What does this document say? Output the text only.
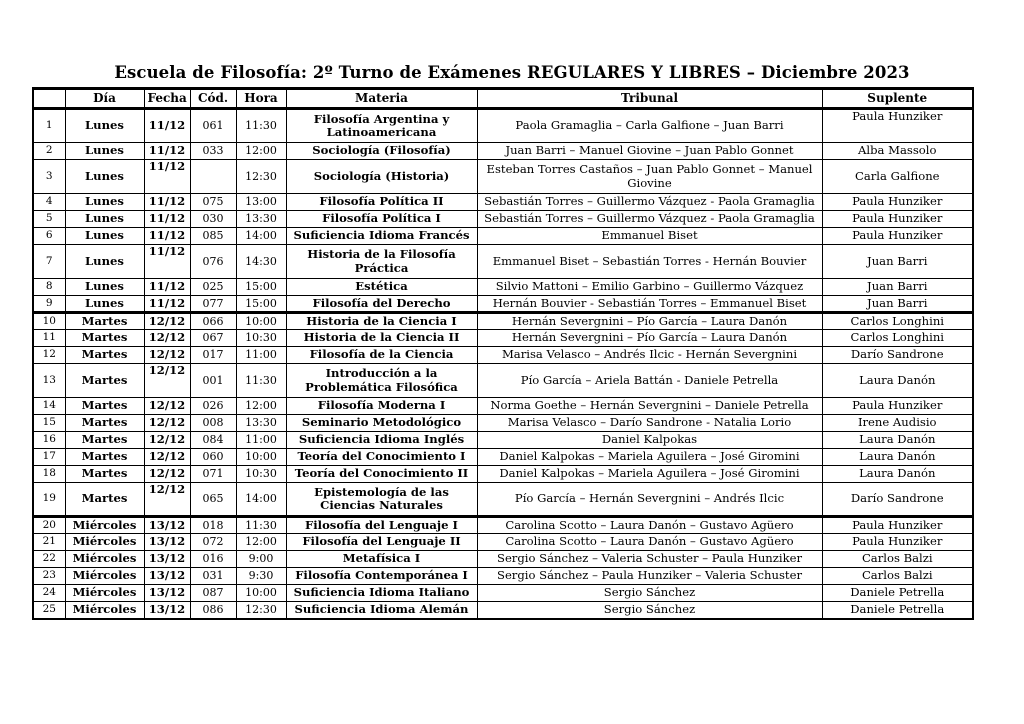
Escuela de Filosofía: 2º Turno de Exámenes REGULARES Y LIBRES – Diciembre 2023
	Día	Fecha	Cód.	Hora	Materia	Tribunal	Suplente
1	Lunes	11/12	061	11:30	Filosofía Argentina y Latinoamericana	Paola Gramaglia – Carla Galfione – Juan Barri	Paula Hunziker
2	Lunes	11/12	033	12:00	Sociología (Filosofía)	Juan Barri – Manuel Giovine – Juan Pablo Gonnet	Alba Massolo
3	Lunes	11/12		12:30	Sociología (Historia)	Esteban Torres Castaños – Juan Pablo Gonnet – Manuel Giovine	Carla Galfione
4	Lunes	11/12	075	13:00	Filosofía Política II	Sebastián Torres – Guillermo Vázquez - Paola Gramaglia	Paula Hunziker
5	Lunes	11/12	030	13:30	Filosofía Política I	Sebastián Torres – Guillermo Vázquez - Paola Gramaglia	Paula Hunziker
6	Lunes	11/12	085	14:00	Suficiencia Idioma Francés	Emmanuel Biset	Paula Hunziker
7	Lunes	11/12	076	14:30	Historia de la Filosofía Práctica	Emmanuel Biset – Sebastián Torres - Hernán Bouvier	Juan Barri
8	Lunes	11/12	025	15:00	Estética	Silvio Mattoni – Emilio Garbino – Guillermo Vázquez	Juan Barri
9	Lunes	11/12	077	15:00	Filosofía del Derecho	Hernán Bouvier - Sebastián Torres – Emmanuel Biset	Juan Barri
10	Martes	12/12	066	10:00	Historia de la Ciencia I	Hernán Severgnini – Pío García – Laura Danón	Carlos Longhini
11	Martes	12/12	067	10:30	Historia de la Ciencia II	Hernán Severgnini – Pío García – Laura Danón	Carlos Longhini
12	Martes	12/12	017	11:00	Filosofía de la Ciencia	Marisa Velasco – Andrés Ilcic - Hernán Severgnini	Darío Sandrone
13	Martes	12/12	001	11:30	Introducción a la Problemática Filosófica	Pío García – Ariela Battán - Daniele Petrella	Laura Danón
14	Martes	12/12	026	12:00	Filosofía Moderna I	Norma Goethe – Hernán Severgnini – Daniele Petrella	Paula Hunziker
15	Martes	12/12	008	13:30	Seminario Metodológico	Marisa Velasco – Darío Sandrone - Natalia Lorio	Irene Audisio
16	Martes	12/12	084	11:00	Suficiencia Idioma Inglés	Daniel Kalpokas	Laura Danón
17	Martes	12/12	060	10:00	Teoría del Conocimiento I	Daniel Kalpokas – Mariela Aguilera – José Giromini	Laura Danón
18	Martes	12/12	071	10:30	Teoría del Conocimiento II	Daniel Kalpokas – Mariela Aguilera – José Giromini	Laura Danón
19	Martes	12/12	065	14:00	Epistemología de las Ciencias Naturales	Pío García – Hernán Severgnini – Andrés Ilcic	Darío Sandrone
20	Miércoles	13/12	018	11:30	Filosofía del Lenguaje I	Carolina Scotto – Laura Danón – Gustavo Agüero	Paula Hunziker
21	Miércoles	13/12	072	12:00	Filosofía del Lenguaje II	Carolina Scotto – Laura Danón – Gustavo Agüero	Paula Hunziker
22	Miércoles	13/12	016	9:00	Metafísica I	Sergio Sánchez – Valeria Schuster – Paula Hunziker	Carlos Balzi
23	Miércoles	13/12	031	9:30	Filosofía Contemporánea I	Sergio Sánchez – Paula Hunziker – Valeria Schuster	Carlos Balzi
24	Miércoles	13/12	087	10:00	Suficiencia Idioma Italiano	Sergio Sánchez	Daniele Petrella
25	Miércoles	13/12	086	12:30	Suficiencia Idioma Alemán	Sergio Sánchez	Daniele Petrella
